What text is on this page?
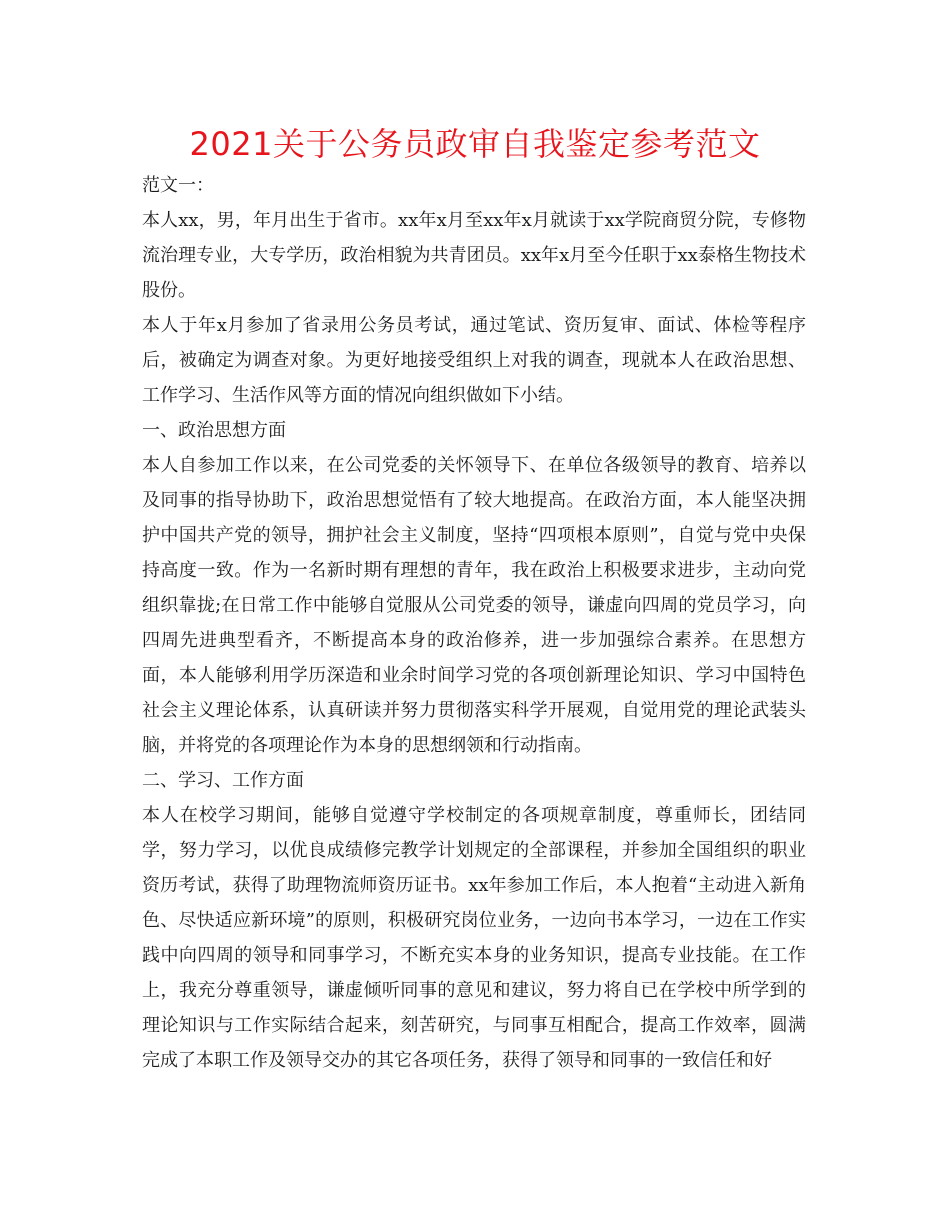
2021关于公务员政审自我鉴定参考范文

范文一：

本人xx，男，年月出生于省市。xx年x月至xx年x月就读于xx学院商贸分院，专修物流治理专业，大专学历，政治相貌为共青团员。xx年x月至今任职于xx泰格生物技术股份。

本人于年x月参加了省录用公务员考试，通过笔试、资历复审、面试、体检等程序后，被确定为调查对象。为更好地接受组织上对我的调查，现就本人在政治思想、工作学习、生活作风等方面的情况向组织做如下小结。

一、政治思想方面

本人自参加工作以来，在公司党委的关怀领导下、在单位各级领导的教育、培养以及同事的指导协助下，政治思想觉悟有了较大地提高。在政治方面，本人能坚决拥护中国共产党的领导，拥护社会主义制度，坚持“四项根本原则”，自觉与党中央保持高度一致。作为一名新时期有理想的青年，我在政治上积极要求进步，主动向党组织靠拢;在日常工作中能够自觉服从公司党委的领导，谦虚向四周的党员学习，向四周先进典型看齐，不断提高本身的政治修养，进一步加强综合素养。在思想方面，本人能够利用学历深造和业余时间学习党的各项创新理论知识、学习中国特色社会主义理论体系，认真研读并努力贯彻落实科学开展观，自觉用党的理论武装头脑，并将党的各项理论作为本身的思想纲领和行动指南。

二、学习、工作方面

本人在校学习期间，能够自觉遵守学校制定的各项规章制度，尊重师长，团结同学，努力学习，以优良成绩修完教学计划规定的全部课程，并参加全国组织的职业资历考试，获得了助理物流师资历证书。xx年参加工作后，本人抱着“主动进入新角色、尽快适应新环境”的原则，积极研究岗位业务，一边向书本学习，一边在工作实践中向四周的领导和同事学习，不断充实本身的业务知识，提高专业技能。在工作上，我充分尊重领导，谦虚倾听同事的意见和建议，努力将自已在学校中所学到的理论知识与工作实际结合起来，刻苦研究，与同事互相配合，提高工作效率，圆满完成了本职工作及领导交办的其它各项任务，获得了领导和同事的一致信任和好
